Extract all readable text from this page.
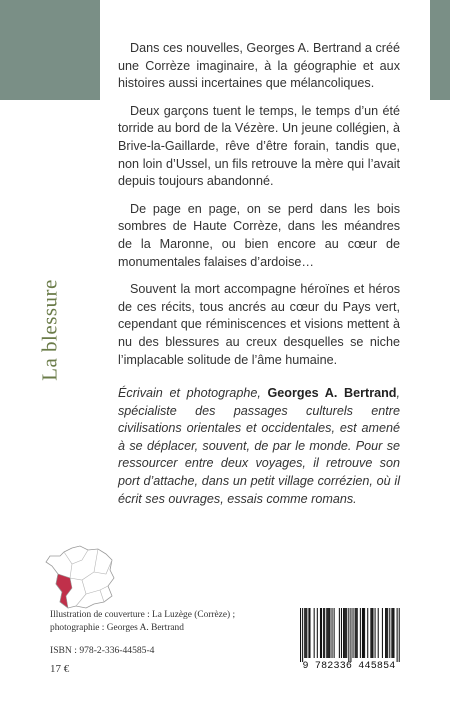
La blessure

Dans ces nouvelles, Georges A. Bertrand a créé une Corrèze imaginaire, à la géographie et aux histoires aussi incertaines que mélancoliques.

Deux garçons tuent le temps, le temps d’un été torride au bord de la Vézère. Un jeune collégien, à Brive-la-Gaillarde, rêve d’être forain, tandis que, non loin d’Ussel, un fils retrouve la mère qui l’avait depuis toujours abandonné.

De page en page, on se perd dans les bois sombres de Haute Corrèze, dans les méandres de la Maronne, ou bien encore au cœur de monumentales falaises d’ardoise…

Souvent la mort accompagne héroïnes et héros de ces récits, tous ancrés au cœur du Pays vert, cependant que réminiscences et visions mettent à nu des blessures au creux desquelles se niche l’implacable solitude de l’âme humaine.

Écrivain et photographe, Georges A. Bertrand, spécialiste des passages culturels entre civilisations orientales et occidentales, est amené à se déplacer, souvent, de par le monde. Pour se ressourcer entre deux voyages, il retrouve son port d’attache, dans un petit village corrézien, où il écrit ses ouvrages, essais comme romans.

Illustration de couverture : La Luzège (Corrèze) ; photographie : Georges A. Bertrand
ISBN : 978-2-336-44585-4
17 €	9 782336 445854
